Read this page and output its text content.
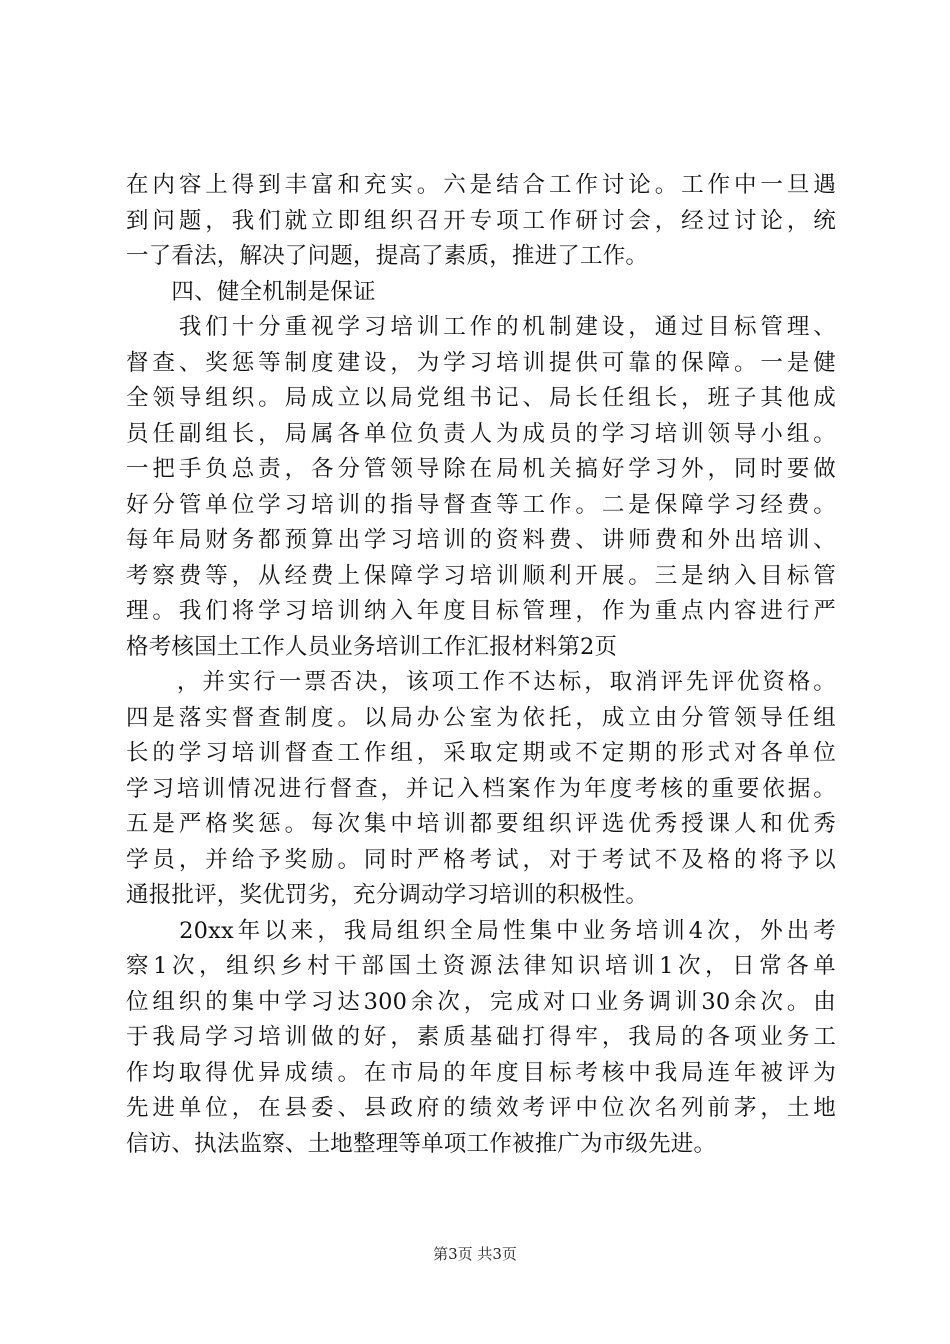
在内容上得到丰富和充实。六是结合工作讨论。工作中一旦遇
到问题，我们就立即组织召开专项工作研讨会，经过讨论，统
一了看法，解决了问题，提高了素质，推进了工作。
　　四、健全机制是保证
　　我们十分重视学习培训工作的机制建设，通过目标管理、
督查、奖惩等制度建设，为学习培训提供可靠的保障。一是健
全领导组织。局成立以局党组书记、局长任组长，班子其他成
员任副组长，局属各单位负责人为成员的学习培训领导小组。
一把手负总责，各分管领导除在局机关搞好学习外，同时要做
好分管单位学习培训的指导督查等工作。二是保障学习经费。
每年局财务都预算出学习培训的资料费、讲师费和外出培训、
考察费等，从经费上保障学习培训顺利开展。三是纳入目标管
理。我们将学习培训纳入年度目标管理，作为重点内容进行严
格考核国土工作人员业务培训工作汇报材料第2页
　　，并实行一票否决，该项工作不达标，取消评先评优资格。
四是落实督查制度。以局办公室为依托，成立由分管领导任组
长的学习培训督查工作组，采取定期或不定期的形式对各单位
学习培训情况进行督查，并记入档案作为年度考核的重要依据。
五是严格奖惩。每次集中培训都要组织评选优秀授课人和优秀
学员，并给予奖励。同时严格考试，对于考试不及格的将予以
通报批评，奖优罚劣，充分调动学习培训的积极性。
　　20xx年以来，我局组织全局性集中业务培训4次，外出考
察1次，组织乡村干部国土资源法律知识培训1次，日常各单
位组织的集中学习达300余次，完成对口业务调训30余次。由
于我局学习培训做的好，素质基础打得牢，我局的各项业务工
作均取得优异成绩。在市局的年度目标考核中我局连年被评为
先进单位，在县委、县政府的绩效考评中位次名列前茅，土地
信访、执法监察、土地整理等单项工作被推广为市级先进。
第3页 共3页
